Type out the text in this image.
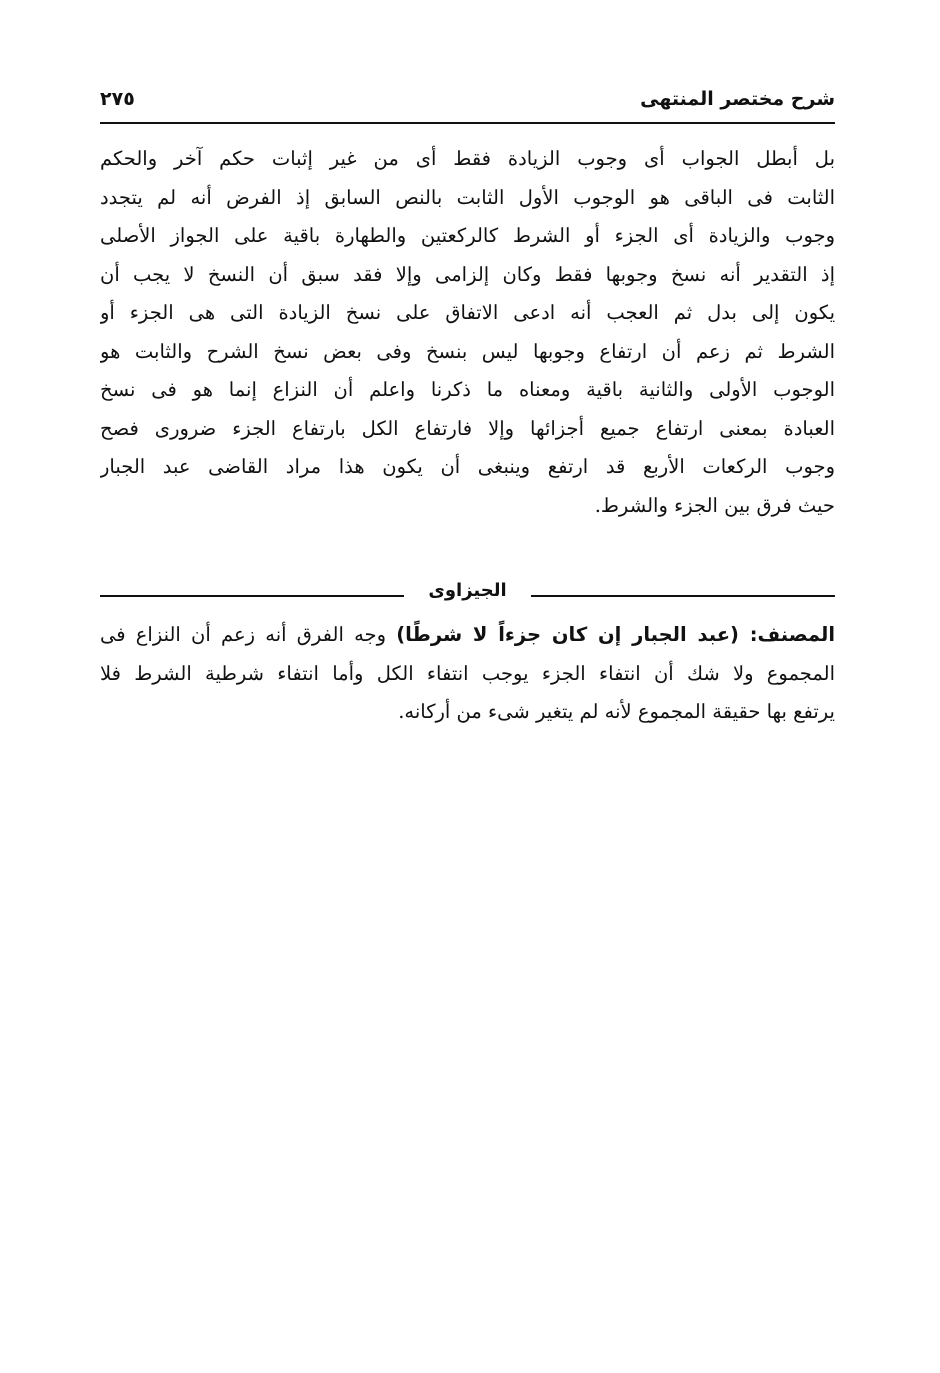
شرح مختصر المنتهى
٢٧٥
بل أبطل الجواب أى وجوب الزيادة فقط أى من غير إثبات حكم آخر والحكم
الثابت فى الباقى هو الوجوب الأول الثابت بالنص السابق إذ الفرض أنه لم يتجدد
وجوب والزيادة أى الجزء أو الشرط كالركعتين والطهارة باقية على الجواز الأصلى
إذ التقدير أنه نسخ وجوبها فقط وكان إلزامى وإلا فقد سبق أن النسخ لا يجب أن
يكون إلى بدل ثم العجب أنه ادعى الاتفاق على نسخ الزيادة التى هى الجزء أو
الشرط ثم زعم أن ارتفاع وجوبها ليس بنسخ وفى بعض نسخ الشرح والثابت هو
الوجوب الأولى والثانية باقية ومعناه ما ذكرنا واعلم أن النزاع إنما هو فى نسخ
العبادة بمعنى ارتفاع جميع أجزائها وإلا فارتفاع الكل بارتفاع الجزء ضرورى فصح
وجوب الركعات الأربع قد ارتفع وينبغى أن يكون هذا مراد القاضى عبد الجبار
حيث فرق بين الجزء والشرط.
الجيزاوى
المصنف: (عبد الجبار إن كان جزءاً لا شرطًا) وجه الفرق أنه زعم أن النزاع فى
المجموع ولا شك أن انتفاء الجزء يوجب انتفاء الكل وأما انتفاء شرطية الشرط فلا
يرتفع بها حقيقة المجموع لأنه لم يتغير شىء من أركانه.
